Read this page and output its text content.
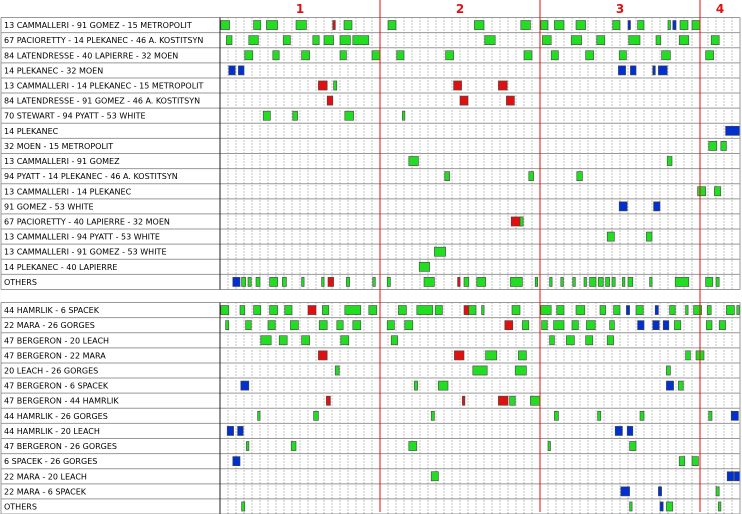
1	2	3	4
13 CAMMALLERI - 91 GOMEZ - 15 METROPOLIT
67 PACIORETTY - 14 PLEKANEC - 46 A. KOSTITSYN
84 LATENDRESSE - 40 LAPIERRE - 32 MOEN
14 PLEKANEC - 32 MOEN
13 CAMMALLERI - 14 PLEKANEC - 15 METROPOLIT
84 LATENDRESSE - 91 GOMEZ - 46 A. KOSTITSYN
70 STEWART - 94 PYATT - 53 WHITE
14 PLEKANEC
32 MOEN - 15 METROPOLIT
13 CAMMALLERI - 91 GOMEZ
94 PYATT - 14 PLEKANEC - 46 A. KOSTITSYN
13 CAMMALLERI - 14 PLEKANEC
91 GOMEZ - 53 WHITE
67 PACIORETTY - 40 LAPIERRE - 32 MOEN
13 CAMMALLERI - 94 PYATT - 53 WHITE
13 CAMMALLERI - 91 GOMEZ - 53 WHITE
14 PLEKANEC - 40 LAPIERRE
OTHERS
44 HAMRLIK - 6 SPACEK
22 MARA - 26 GORGES
47 BERGERON - 20 LEACH
47 BERGERON - 22 MARA
20 LEACH - 26 GORGES
47 BERGERON - 6 SPACEK
47 BERGERON - 44 HAMRLIK
44 HAMRLIK - 26 GORGES
44 HAMRLIK - 20 LEACH
47 BERGERON - 26 GORGES
6 SPACEK - 26 GORGES
22 MARA - 20 LEACH
22 MARA - 6 SPACEK
OTHERS
